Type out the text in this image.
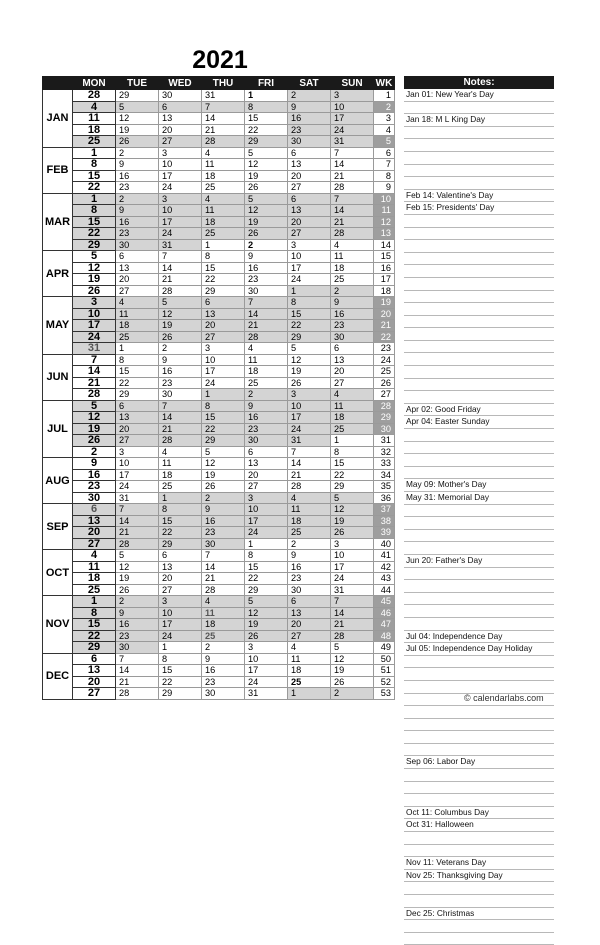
2021
	MON	TUE	WED	THU	FRI	SAT	SUN	WK
JAN	28	29	30	31	1	2	3	1
	4	5	6	7	8	9	10	2
	11	12	13	14	15	16	17	3
	18	19	20	21	22	23	24	4
	25	26	27	28	29	30	31	5
FEB	1	2	3	4	5	6	7	6
	8	9	10	11	12	13	14	7
	15	16	17	18	19	20	21	8
	22	23	24	25	26	27	28	9
MAR	1	2	3	4	5	6	7	10
	8	9	10	11	12	13	14	11
	15	16	17	18	19	20	21	12
	22	23	24	25	26	27	28	13
	29	30	31	1	2	3	4	14
APR	5	6	7	8	9	10	11	15
	12	13	14	15	16	17	18	16
	19	20	21	22	23	24	25	17
	26	27	28	29	30	1	2	18
MAY	3	4	5	6	7	8	9	19
	10	11	12	13	14	15	16	20
	17	18	19	20	21	22	23	21
	24	25	26	27	28	29	30	22
	31	1	2	3	4	5	6	23
JUN	7	8	9	10	11	12	13	24
	14	15	16	17	18	19	20	25
	21	22	23	24	25	26	27	26
	28	29	30	1	2	3	4	27
JUL	5	6	7	8	9	10	11	28
	12	13	14	15	16	17	18	29
	19	20	21	22	23	24	25	30
	26	27	28	29	30	31	1	31
	2	3	4	5	6	7	8	32
AUG	9	10	11	12	13	14	15	33
	16	17	18	19	20	21	22	34
	23	24	25	26	27	28	29	35
	30	31	1	2	3	4	5	36
SEP	6	7	8	9	10	11	12	37
	13	14	15	16	17	18	19	38
	20	21	22	23	24	25	26	39
	27	28	29	30	1	2	3	40
OCT	4	5	6	7	8	9	10	41
	11	12	13	14	15	16	17	42
	18	19	20	21	22	23	24	43
	25	26	27	28	29	30	31	44
NOV	1	2	3	4	5	6	7	45
	8	9	10	11	12	13	14	46
	15	16	17	18	19	20	21	47
	22	23	24	25	26	27	28	48
	29	30	1	2	3	4	5	49
DEC	6	7	8	9	10	11	12	50
	13	14	15	16	17	18	19	51
	20	21	22	23	24	25	26	52
	27	28	29	30	31	1	2	53
Notes:
Jan 01: New Year's Day
Jan 18: M L King Day
Feb 14: Valentine's Day
Feb 15: Presidents' Day
Apr 02: Good Friday
Apr 04: Easter Sunday
May 09: Mother's Day
May 31: Memorial Day
Jun 20: Father's Day
Jul 04: Independence Day
Jul 05: Independence Day Holiday
Sep 06: Labor Day
Oct 11: Columbus Day
Oct 31: Halloween
Nov 11: Veterans Day
Nov 25: Thanksgiving Day
Dec 25: Christmas
© calendarlabs.com
